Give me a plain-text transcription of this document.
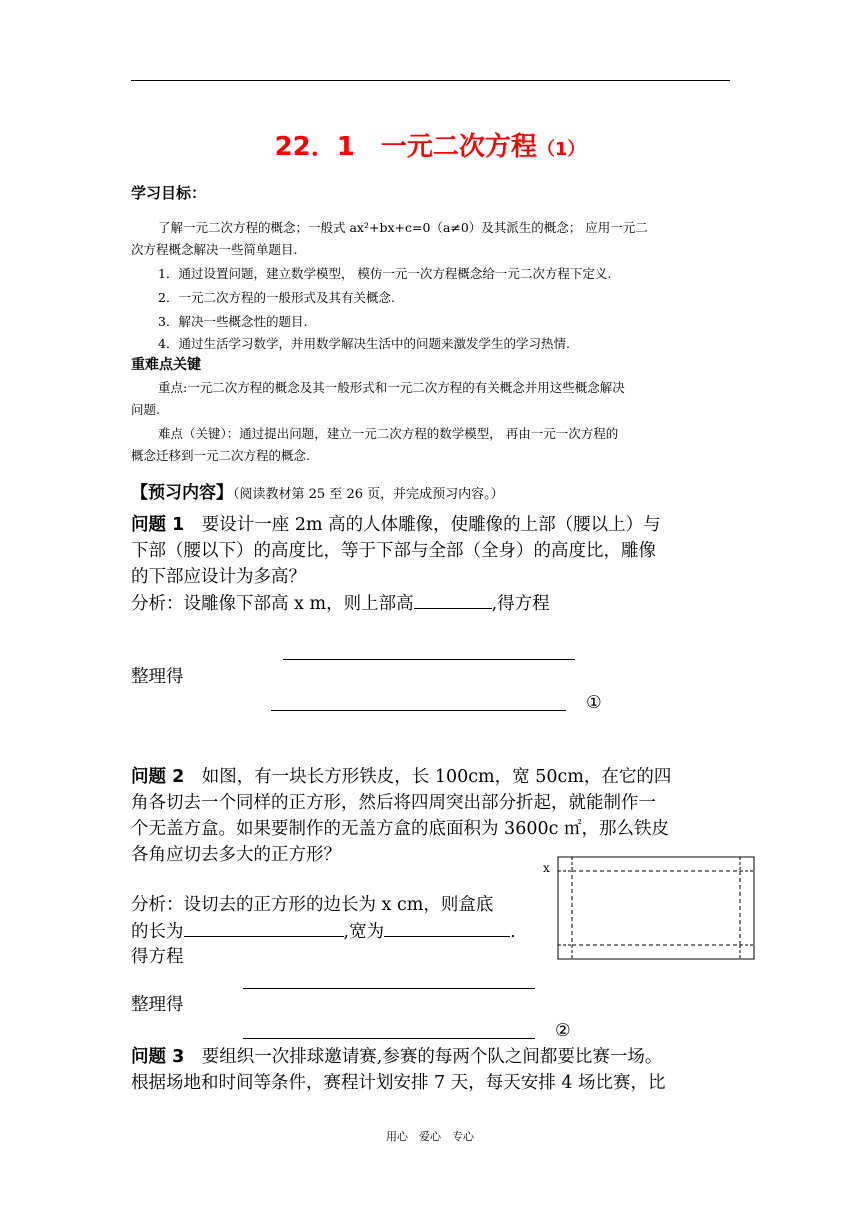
22．1　一元二次方程（1）
学习目标：
了解一元二次方程的概念；一般式 ax²+bx+c=0（a≠0）及其派生的概念； 应用一元二
次方程概念解决一些简单题目.
1．通过设置问题，建立数学模型， 模仿一元一次方程概念给一元二次方程下定义.
2．一元二次方程的一般形式及其有关概念.
3．解决一些概念性的题目.
4．通过生活学习数学，并用数学解决生活中的问题来激发学生的学习热情.
重难点关键
重点:一元二次方程的概念及其一般形式和一元二次方程的有关概念并用这些概念解决
问题.
难点（关键）：通过提出问题，建立一元二次方程的数学模型， 再由一元一次方程的
概念迁移到一元二次方程的概念.
【预习内容】（阅读教材第 25 至 26 页，并完成预习内容。）
问题 1　要设计一座 2m 高的人体雕像，使雕像的上部（腰以上）与
下部（腰以下）的高度比，等于下部与全部（全身）的高度比，雕像
的下部应设计为多高？
分析：设雕像下部高 x m，则上部高	,得方程
整理得
①
问题 2　如图，有一块长方形铁皮，长 100cm，宽 50cm，在它的四
角各切去一个同样的正方形，然后将四周突出部分折起，就能制作一
个无盖方盒。如果要制作的无盖方盒的底面积为 3600c ㎡，那么铁皮
各角应切去多大的正方形？
x
分析：设切去的正方形的边长为 x cm，则盒底
的长为	,宽为	.
得方程
整理得
②
问题 3　要组织一次排球邀请赛,参赛的每两个队之间都要比赛一场。
根据场地和时间等条件，赛程计划安排 7 天，每天安排 4 场比赛，比
用心　爱心　专心
